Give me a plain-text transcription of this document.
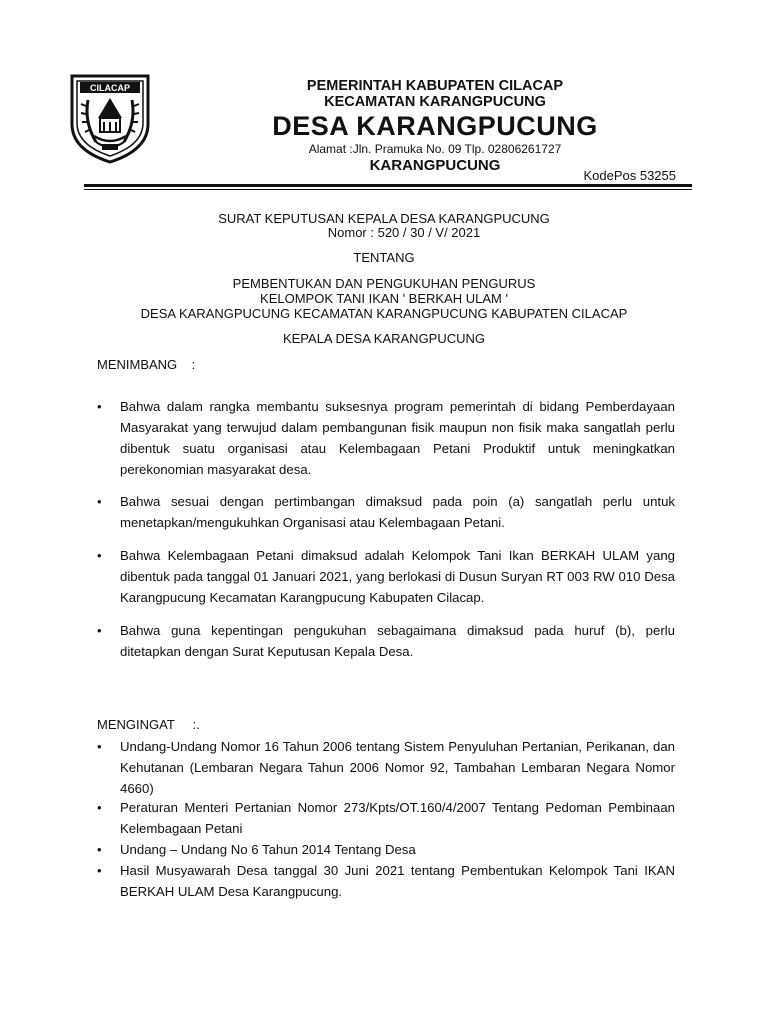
CILACAP	PEMERINTAH KABUPATEN CILACAP
KECAMATAN KARANGPUCUNG
DESA KARANGPUCUNG
Alamat :Jln. Pramuka No. 09 Tlp. 02806261727
KARANGPUCUNG
KodePos 53255
SURAT KEPUTUSAN KEPALA DESA KARANGPUCUNG
Nomor : 520 / 30 / V/ 2021
TENTANG
PEMBENTUKAN DAN PENGUKUHAN PENGURUS
KELOMPOK TANI IKAN ' BERKAH ULAM '
DESA KARANGPUCUNG KECAMATAN KARANGPUCUNG KABUPATEN CILACAP
KEPALA DESA KARANGPUCUNG
MENIMBANG    :
• Bahwa dalam rangka membantu suksesnya program pemerintah di bidang Pemberdayaan Masyarakat yang terwujud dalam pembangunan fisik maupun non fisik maka sangatlah perlu dibentuk suatu organisasi atau Kelembagaan Petani Produktif untuk meningkatkan perekonomian masyarakat desa.
• Bahwa sesuai dengan pertimbangan dimaksud pada poin (a) sangatlah perlu untuk menetapkan/mengukuhkan Organisasi atau Kelembagaan Petani.
• Bahwa Kelembagaan Petani dimaksud adalah Kelompok Tani Ikan BERKAH ULAM yang dibentuk pada tanggal 01 Januari 2021, yang berlokasi di Dusun Suryan RT 003 RW 010 Desa Karangpucung Kecamatan Karangpucung Kabupaten Cilacap.
• Bahwa guna kepentingan pengukuhan sebagaimana dimaksud pada huruf (b), perlu ditetapkan dengan Surat Keputusan Kepala Desa.
MENGINGAT     :.
• Undang-Undang Nomor 16 Tahun 2006 tentang Sistem Penyuluhan Pertanian, Perikanan, dan Kehutanan (Lembaran Negara Tahun 2006 Nomor 92, Tambahan Lembaran Negara Nomor 4660)
• Peraturan Menteri Pertanian Nomor 273/Kpts/OT.160/4/2007 Tentang Pedoman Pembinaan Kelembagaan Petani
• Undang – Undang No 6 Tahun 2014 Tentang Desa
• Hasil Musyawarah Desa tanggal 30 Juni 2021 tentang Pembentukan Kelompok Tani IKAN BERKAH ULAM Desa Karangpucung.
